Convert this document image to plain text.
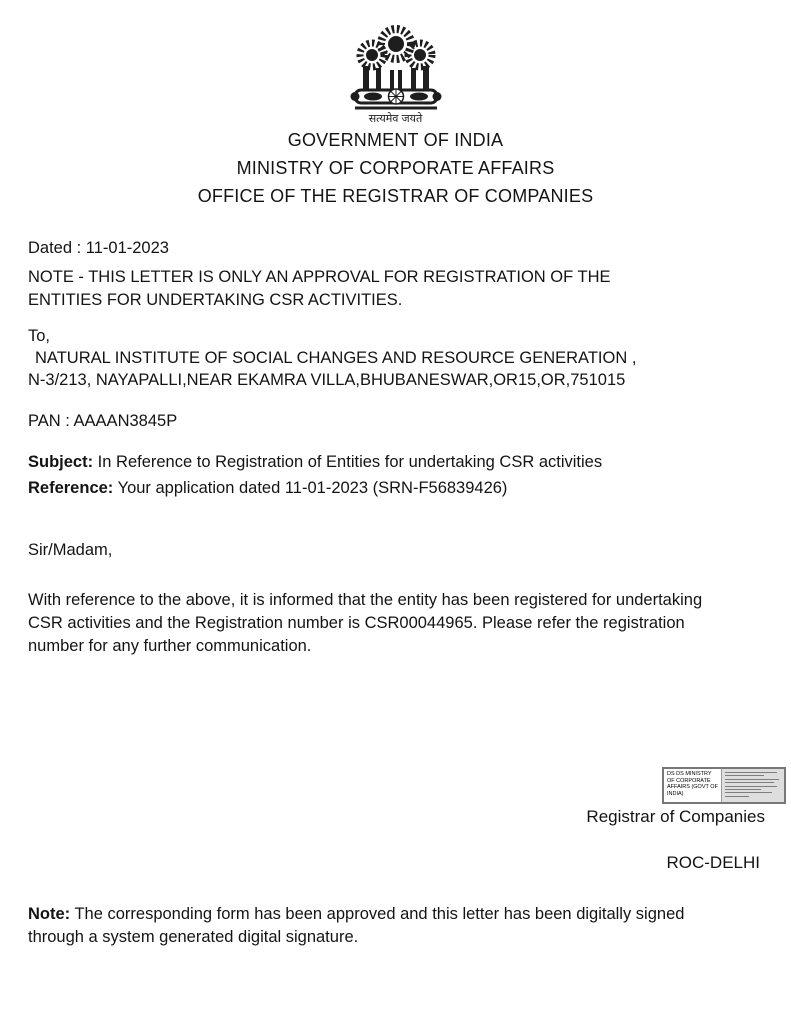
सत्यमेव जयते
GOVERNMENT OF INDIA
MINISTRY OF CORPORATE AFFAIRS
OFFICE OF THE REGISTRAR OF COMPANIES
Dated : 11-01-2023
NOTE - THIS LETTER IS ONLY AN APPROVAL FOR REGISTRATION OF THE
ENTITIES FOR UNDERTAKING CSR ACTIVITIES.
To,
NATURAL INSTITUTE OF SOCIAL CHANGES AND RESOURCE GENERATION ,
N-3/213, NAYAPALLI,NEAR EKAMRA VILLA,BHUBANESWAR,OR15,OR,751015
PAN : AAAAN3845P
Subject: In Reference to Registration of Entities for undertaking CSR activities
Reference: Your application dated 11-01-2023 (SRN-F56839426)
Sir/Madam,
With reference to the above, it is informed that the entity has been registered for undertaking
CSR activities and the Registration number is CSR00044965. Please refer the registration
number for any further communication.
DS DS MINISTRY OF CORPORATE AFFAIRS (GOVT OF INDIA)
Registrar of Companies
ROC-DELHI
Note: The corresponding form has been approved and this letter has been digitally signed
through a system generated digital signature.
